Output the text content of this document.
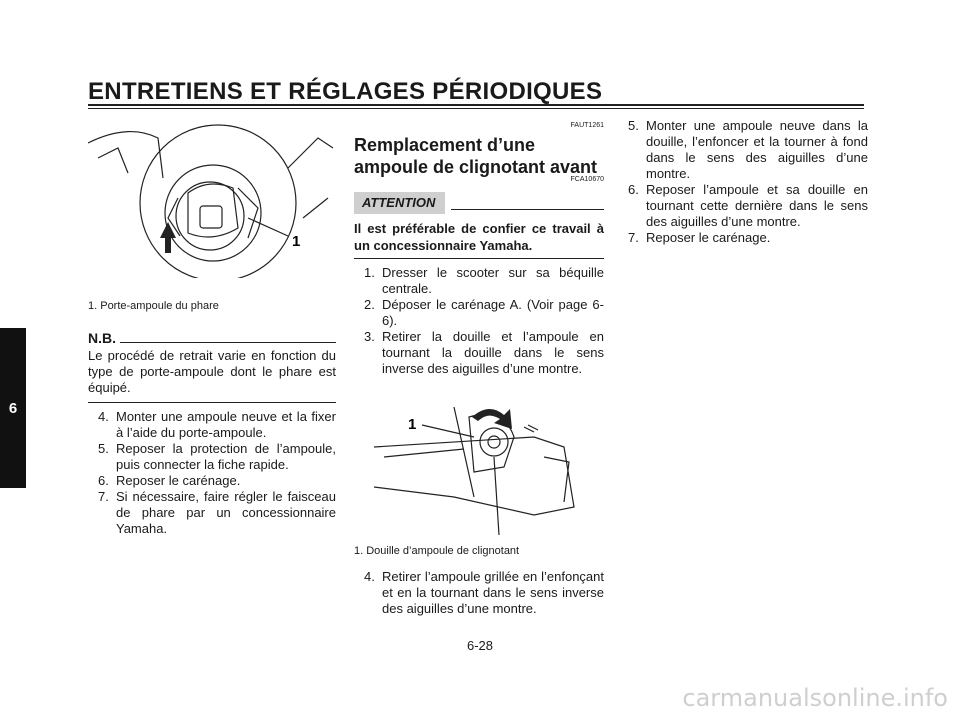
ENTRETIENS ET RÉGLAGES PÉRIODIQUES
6
1
1. Porte-ampoule du phare
N.B.
Le procédé de retrait varie en fonction du type de porte-ampoule dont le phare est équipé.
4. Monter une ampoule neuve et la fixer à l’aide du porte-ampoule.
5. Reposer la protection de l’ampoule, puis connecter la fiche rapide.
6. Reposer le carénage.
7. Si nécessaire, faire régler le faisceau de phare par un concessionnaire Yamaha.
FAUT1261
Remplacement d’une ampoule de clignotant avant
FCA10670
ATTENTION
Il est préférable de confier ce travail à un concessionnaire Yamaha.
1. Dresser le scooter sur sa béquille centrale.
2. Déposer le carénage A. (Voir page 6-6).
3. Retirer la douille et l’ampoule en tournant la douille dans le sens inverse des aiguilles d’une montre.
1
1. Douille d’ampoule de clignotant
4. Retirer l’ampoule grillée en l’enfonçant et en la tournant dans le sens inverse des aiguilles d’une montre.
5. Monter une ampoule neuve dans la douille, l’enfoncer et la tourner à fond dans le sens des aiguilles d’une montre.
6. Reposer l’ampoule et sa douille en tournant cette dernière dans le sens des aiguilles d’une montre.
7. Reposer le carénage.
6-28
carmanualsonline.info
